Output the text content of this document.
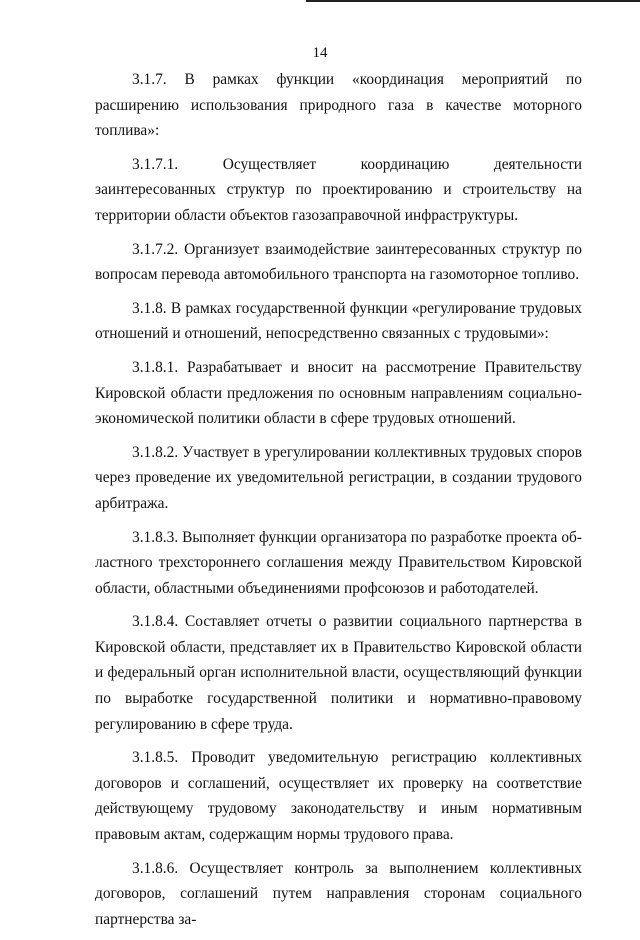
14

3.1.7. В рамках функции «координация мероприятий по расширению использования природного газа в качестве моторного топлива»:

3.1.7.1. Осуществляет координацию деятельности заинтересованных структур по проектированию и строительству на территории области объектов газозаправочной инфраструктуры.

3.1.7.2. Организует взаимодействие заинтересованных структур по вопросам перевода автомобильного транспорта на газомоторное топливо.

3.1.8. В рамках государственной функции «регулирование трудовых отношений и отношений, непосредственно связанных с трудовыми»:

3.1.8.1. Разрабатывает и вносит на рассмотрение Правительству Кировской области предложения по основным направлениям социально-экономической политики области в сфере трудовых отношений.

3.1.8.2. Участвует в урегулировании коллективных трудовых споров через проведение их уведомительной регистрации, в создании трудового арбитража.

3.1.8.3. Выполняет функции организатора по разработке проекта областного трехстороннего соглашения между Правительством Кировской области, областными объединениями профсоюзов и работодателей.

3.1.8.4. Составляет отчеты о развитии социального партнерства в Кировской области, представляет их в Правительство Кировской области и федеральный орган исполнительной власти, осуществляющий функции по выработке государственной политики и нормативно-правовому регулированию в сфере труда.

3.1.8.5. Проводит уведомительную регистрацию коллективных договоров и соглашений, осуществляет их проверку на соответствие действующему трудовому законодательству и иным нормативным правовым актам, содержащим нормы трудового права.

3.1.8.6. Осуществляет контроль за выполнением коллективных договоров, соглашений путем направления сторонам социального партнерства за-
